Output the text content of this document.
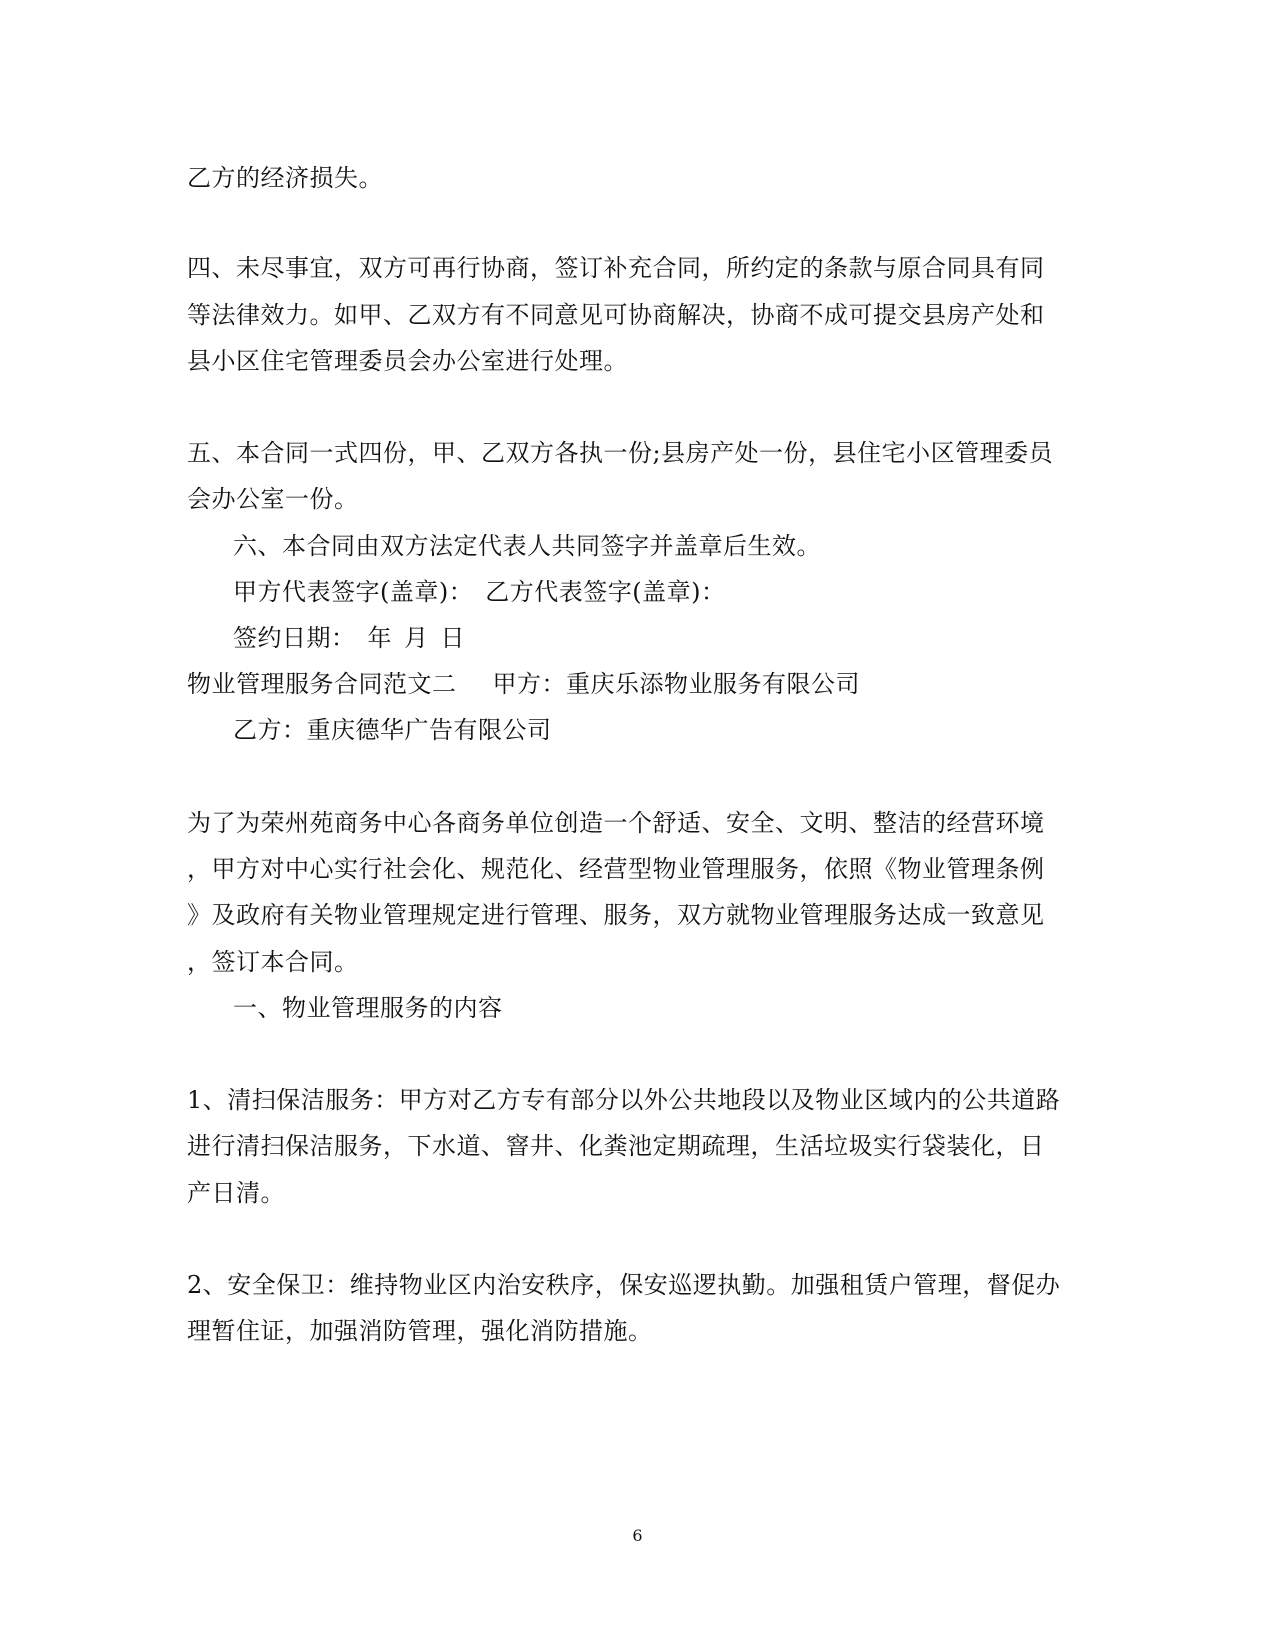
乙方的经济损失。
四、未尽事宜，双方可再行协商，签订补充合同，所约定的条款与原合同具有同
等法律效力。如甲、乙双方有不同意见可协商解决，协商不成可提交县房产处和
县小区住宅管理委员会办公室进行处理。
五、本合同一式四份，甲、乙双方各执一份;县房产处一份，县住宅小区管理委员
会办公室一份。
六、本合同由双方法定代表人共同签字并盖章后生效。
甲方代表签字(盖章)： 乙方代表签字(盖章)：
签约日期： 年 月 日
物业管理服务合同范文二 甲方：重庆乐添物业服务有限公司
乙方：重庆德华广告有限公司
为了为荣州苑商务中心各商务单位创造一个舒适、安全、文明、整洁的经营环境
，甲方对中心实行社会化、规范化、经营型物业管理服务，依照《物业管理条例
》及政府有关物业管理规定进行管理、服务，双方就物业管理服务达成一致意见
，签订本合同。
一、物业管理服务的内容
1、清扫保洁服务：甲方对乙方专有部分以外公共地段以及物业区域内的公共道路
进行清扫保洁服务，下水道、窨井、化粪池定期疏理，生活垃圾实行袋装化，日
产日清。
2、安全保卫：维持物业区内治安秩序，保安巡逻执勤。加强租赁户管理，督促办
理暂住证，加强消防管理，强化消防措施。
6
